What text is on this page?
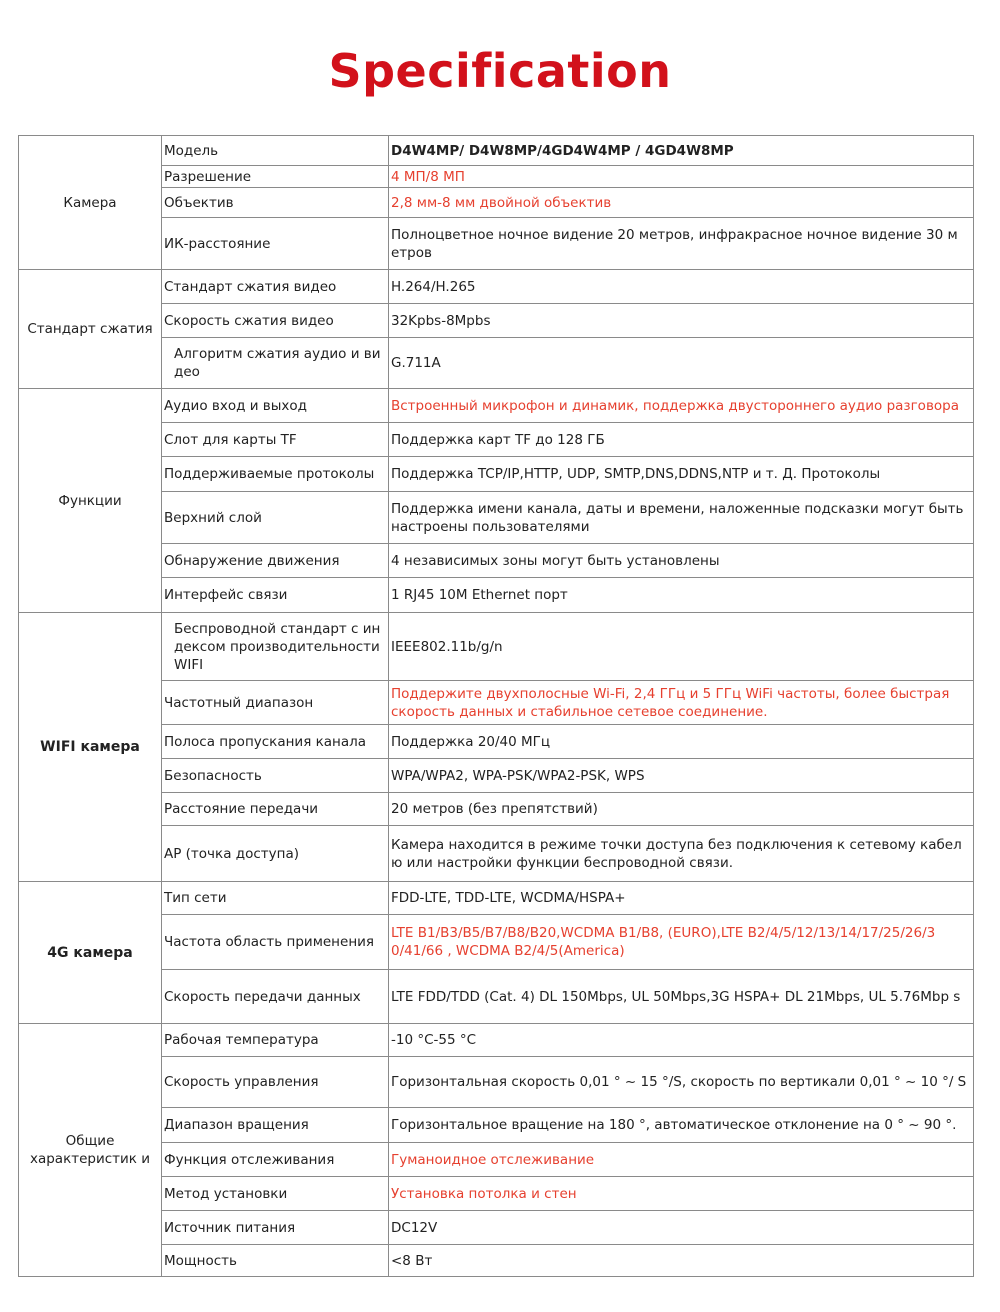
Specification
Камера	Модель	D4W4MP/ D4W8MP/4GD4W4MP / 4GD4W8MP
	Разрешение	4 МП/8 МП
	Объектив	2,8 мм-8 мм двойной объектив
	ИК-расстояние	Полноцветное ночное видение 20 метров, инфракрасное ночное видение 30 м етров
Стандарт сжатия	Стандарт сжатия видео	H.264/H.265
	Скорость сжатия видео	32Kpbs-8Mpbs
	Алгоритм сжатия аудио и ви део	G.711A
Функции	Аудио вход и выход	Встроенный микрофон и динамик, поддержка двустороннего аудио разговора
	Слот для карты TF	Поддержка карт TF до 128 ГБ
	Поддерживаемые протоколы	Поддержка TCP/IP,HTTP, UDP, SMTP,DNS,DDNS,NTP и т. Д. Протоколы
	Верхний слой	Поддержка имени канала, даты и времени, наложенные подсказки могут быть настроены пользователями
	Обнаружение движения	4 независимых зоны могут быть установлены
	Интерфейс связи	1 RJ45 10M Ethernet порт
WIFI камера	Беспроводной стандарт с ин дексом производительности WIFI	IEEE802.11b/g/n
	Частотный диапазон	Поддержите двухполосные Wi-Fi, 2,4 ГГц и 5 ГГц WiFi частоты, более быстрая скорость данных и стабильное сетевое соединение.
	Полоса пропускания канала	Поддержка 20/40 МГц
	Безопасность	WPA/WPA2, WPA-PSK/WPA2-PSK, WPS
	Расстояние передачи	20 метров (без препятствий)
	AP (точка доступа)	Камера находится в режиме точки доступа без подключения к сетевому кабел ю или настройки функции беспроводной связи.
4G камера	Тип сети	FDD-LTE, TDD-LTE, WCDMA/HSPA+
	Частота область применения	LTE B1/B3/B5/B7/B8/B20,WCDMA B1/B8, (EURO),LTE B2/4/5/12/13/14/17/25/26/3 0/41/66 , WCDMA B2/4/5(America)
	Скорость передачи данных	LTE FDD/TDD (Cat. 4) DL 150Mbps, UL 50Mbps,3G HSPA+ DL 21Mbps, UL 5.76Mbp s
Общие характеристик и	Рабочая температура	-10 °C-55 °C
	Скорость управления	Горизонтальная скорость 0,01 ° ~ 15 °/S, скорость по вертикали 0,01 ° ~ 10 °/ S
	Диапазон вращения	Горизонтальное вращение на 180 °, автоматическое отклонение на 0 ° ~ 90 °.
	Функция отслеживания	Гуманоидное отслеживание
	Метод установки	Установка потолка и стен
	Источник питания	DC12V
	Мощность	<8 Вт
